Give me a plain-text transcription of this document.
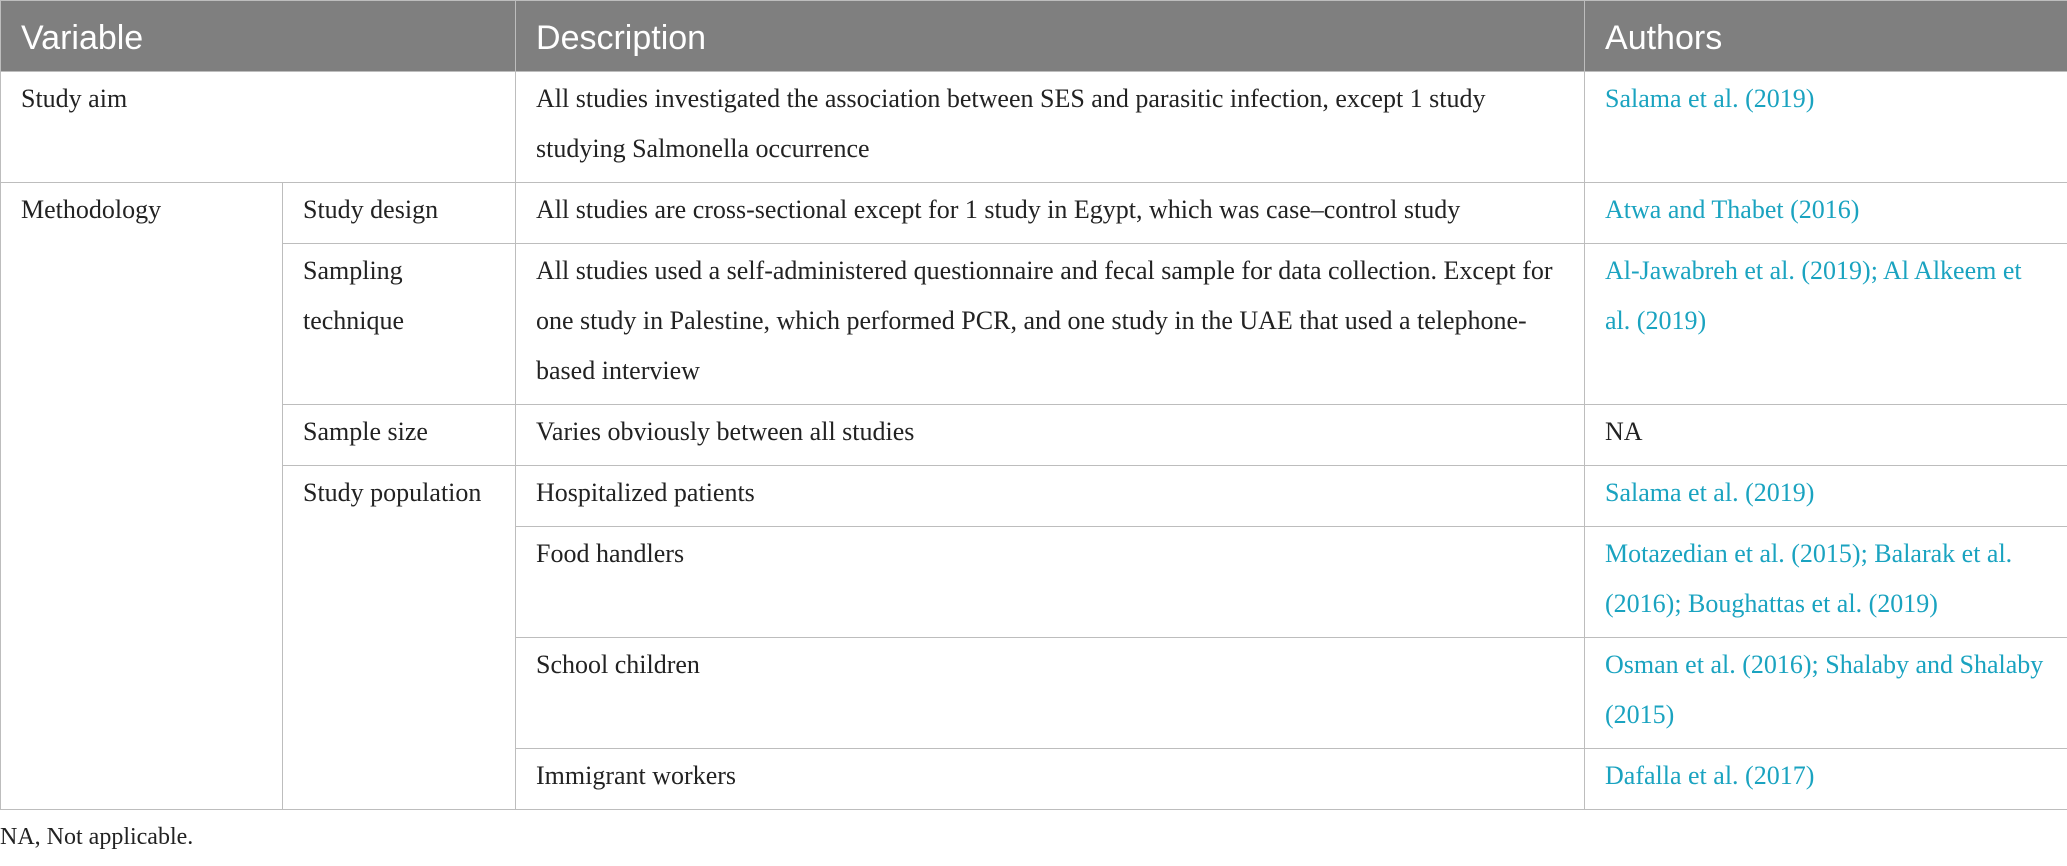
Variable		Description	Authors
Study aim		All studies investigated the association between SES and parasitic infection, except 1 study studying Salmonella occurrence	Salama et al. (2019)
Methodology	Study design	All studies are cross-sectional except for 1 study in Egypt, which was case–control study	Atwa and Thabet (2016)
	Sampling technique	All studies used a self-administered questionnaire and fecal sample for data collection. Except for one study in Palestine, which performed PCR, and one study in the UAE that used a telephone-based interview	Al-Jawabreh et al. (2019); Al Alkeem et al. (2019)
	Sample size	Varies obviously between all studies	NA
	Study population	Hospitalized patients	Salama et al. (2019)
		Food handlers	Motazedian et al. (2015); Balarak et al. (2016); Boughattas et al. (2019)
		School children	Osman et al. (2016); Shalaby and Shalaby (2015)
		Immigrant workers	Dafalla et al. (2017)
NA, Not applicable.
